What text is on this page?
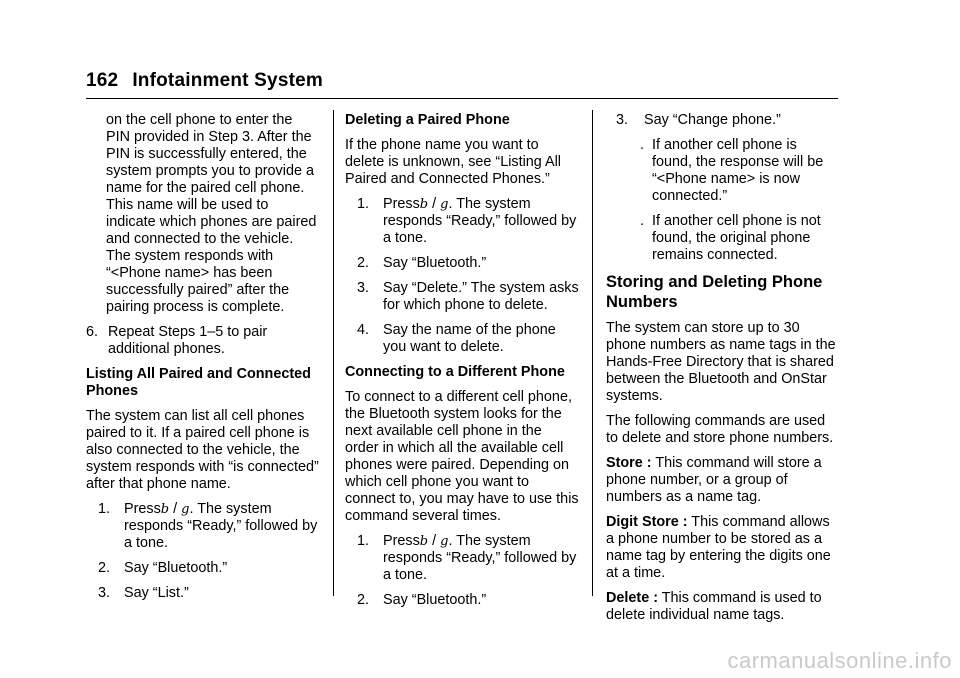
162 Infotainment System

on the cell phone to enter the PIN provided in Step 3. After the PIN is successfully entered, the system prompts you to provide a name for the paired cell phone. This name will be used to indicate which phones are paired and connected to the vehicle. The system responds with “<Phone name> has been successfully paired” after the pairing process is complete.

6. Repeat Steps 1–5 to pair additional phones.

Listing All Paired and Connected Phones

The system can list all cell phones paired to it. If a paired cell phone is also connected to the vehicle, the system responds with “is connected” after that phone name.

1. Pressb / g. The system responds “Ready,” followed by a tone.
2. Say “Bluetooth.”
3. Say “List.”

Deleting a Paired Phone

If the phone name you want to delete is unknown, see “Listing All Paired and Connected Phones.”

1. Pressb / g. The system responds “Ready,” followed by a tone.
2. Say “Bluetooth.”
3. Say “Delete.” The system asks for which phone to delete.
4. Say the name of the phone you want to delete.

Connecting to a Different Phone

To connect to a different cell phone, the Bluetooth system looks for the next available cell phone in the order in which all the available cell phones were paired. Depending on which cell phone you want to connect to, you may have to use this command several times.

1. Pressb / g. The system responds “Ready,” followed by a tone.
2. Say “Bluetooth.”
3.	Say “Change phone.”
. If another cell phone is found, the response will be “<Phone name> is now connected.”
. If another cell phone is not found, the original phone remains connected.
Storing and Deleting Phone Numbers

The system can store up to 30 phone numbers as name tags in the Hands-Free Directory that is shared between the Bluetooth and OnStar systems.

The following commands are used to delete and store phone numbers.

Store : This command will store a phone number, or a group of numbers as a name tag.

Digit Store : This command allows a phone number to be stored as a name tag by entering the digits one at a time.

Delete : This command is used to delete individual name tags.

carmanualsonline.info
